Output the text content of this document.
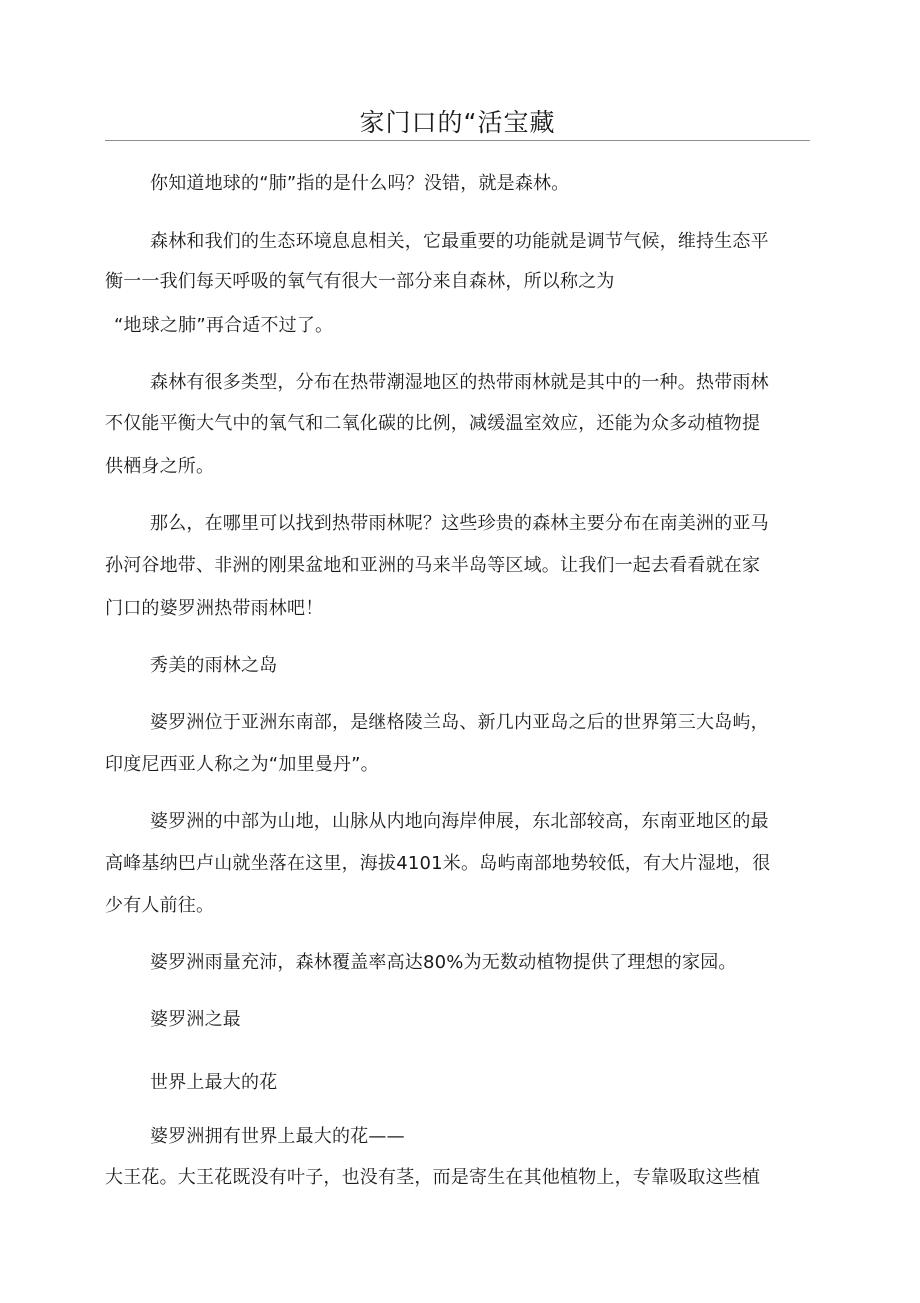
家门口的“活宝藏

你知道地球的“肺”指的是什么吗？没错，就是森林。

森林和我们的生态环境息息相关，它最重要的功能就是调节气候，维持生态平

衡一一我们每天呼吸的氧气有很大一部分来自森林，所以称之为

“地球之肺”再合适不过了。

森林有很多类型，分布在热带潮湿地区的热带雨林就是其中的一种。热带雨林

不仅能平衡大气中的氧气和二氧化碳的比例，减缓温室效应，还能为众多动植物提

供栖身之所。

那么，在哪里可以找到热带雨林呢？这些珍贵的森林主要分布在南美洲的亚马

孙河谷地带、非洲的刚果盆地和亚洲的马来半岛等区域。让我们一起去看看就在家

门口的婆罗洲热带雨林吧！

秀美的雨林之岛

婆罗洲位于亚洲东南部，是继格陵兰岛、新几内亚岛之后的世界第三大岛屿，

印度尼西亚人称之为“加里曼丹”。

婆罗洲的中部为山地，山脉从内地向海岸伸展，东北部较高，东南亚地区的最

高峰基纳巴卢山就坐落在这里，海拔4101米。岛屿南部地势较低，有大片湿地，很

少有人前往。

婆罗洲雨量充沛，森林覆盖率高达80%为无数动植物提供了理想的家园。

婆罗洲之最

世界上最大的花

婆罗洲拥有世界上最大的花——

大王花。大王花既没有叶子，也没有茎，而是寄生在其他植物上，专靠吸取这些植
